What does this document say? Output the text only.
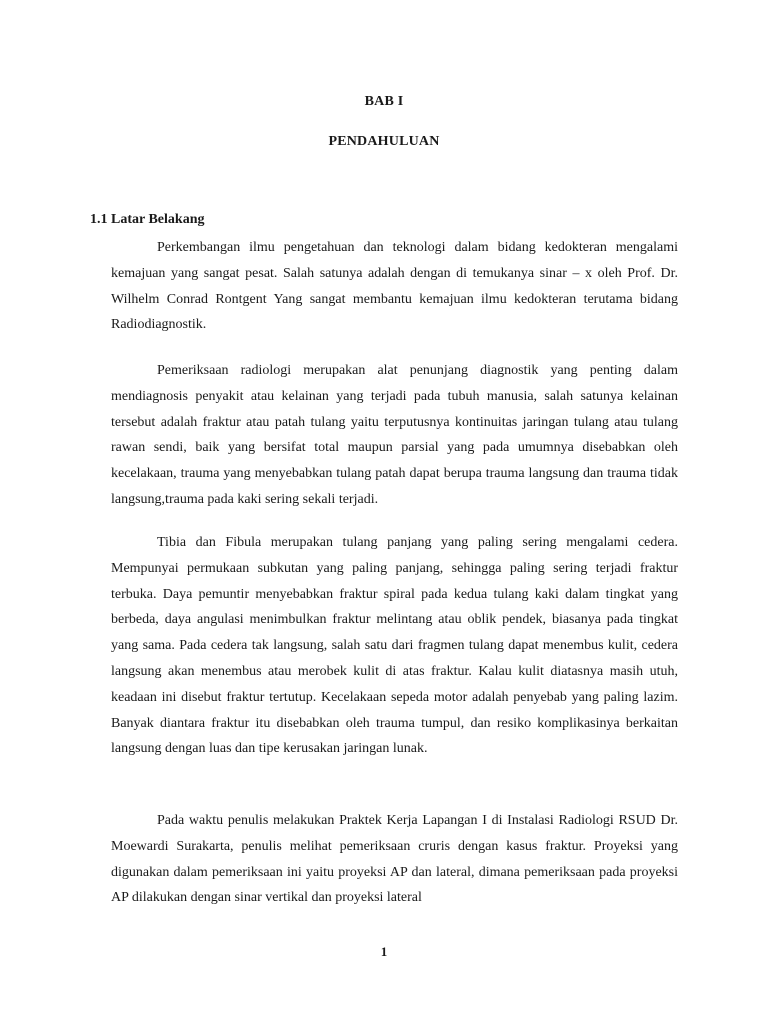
BAB I
PENDAHULUAN
1.1 Latar Belakang

Perkembangan ilmu pengetahuan dan teknologi dalam bidang kedokteran mengalami kemajuan yang sangat pesat. Salah satunya adalah dengan di temukanya sinar – x oleh Prof. Dr. Wilhelm Conrad Rontgent Yang sangat membantu kemajuan ilmu kedokteran terutama bidang Radiodiagnostik.

Pemeriksaan radiologi merupakan alat penunjang diagnostik yang penting dalam mendiagnosis penyakit atau kelainan yang terjadi pada tubuh manusia, salah satunya kelainan tersebut adalah fraktur atau patah tulang yaitu terputusnya kontinuitas jaringan tulang atau tulang rawan sendi, baik yang bersifat total maupun parsial yang pada umumnya disebabkan oleh kecelakaan, trauma yang menyebabkan tulang patah dapat berupa trauma langsung dan trauma tidak langsung,trauma pada kaki sering sekali terjadi.

Tibia dan Fibula merupakan tulang panjang yang paling sering mengalami cedera. Mempunyai permukaan subkutan yang paling panjang, sehingga paling sering terjadi fraktur terbuka. Daya pemuntir menyebabkan fraktur spiral pada kedua tulang kaki dalam tingkat yang berbeda, daya angulasi menimbulkan fraktur melintang atau oblik pendek, biasanya pada tingkat yang sama. Pada cedera tak langsung, salah satu dari fragmen tulang dapat menembus kulit, cedera langsung akan menembus atau merobek kulit di atas fraktur. Kalau kulit diatasnya masih utuh, keadaan ini disebut fraktur tertutup. Kecelakaan sepeda motor adalah penyebab yang paling lazim. Banyak diantara fraktur itu disebabkan oleh trauma tumpul, dan resiko komplikasinya berkaitan langsung dengan luas dan tipe kerusakan jaringan lunak.

Pada waktu penulis melakukan Praktek Kerja Lapangan I di Instalasi Radiologi RSUD Dr. Moewardi Surakarta, penulis melihat pemeriksaan cruris dengan kasus fraktur. Proyeksi yang digunakan dalam pemeriksaan ini yaitu proyeksi AP dan lateral, dimana pemeriksaan pada proyeksi AP dilakukan dengan sinar vertikal dan proyeksi lateral

1
